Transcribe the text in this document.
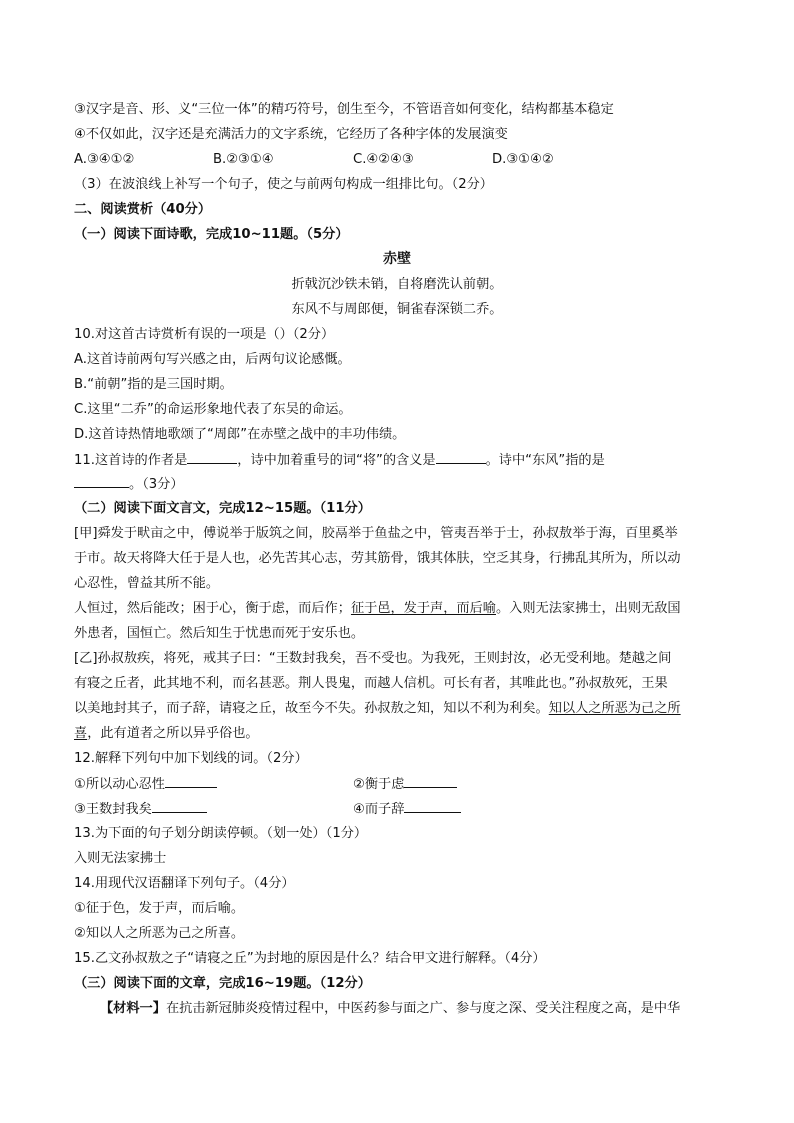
③汉字是音、形、义“三位一体”的精巧符号，创生至今，不管语音如何变化，结构都基本稳定
④不仅如此，汉字还是充满活力的文字系统，它经历了各种字体的发展演变
A.③④①②	B.②③①④	C.④②④③	D.③①④②
（3）在波浪线上补写一个句子，使之与前两句构成一组排比句。（2分）
二、阅读赏析（40分）
（一）阅读下面诗歌，完成10~11题。（5分）
赤壁
折戟沉沙铁未销，自将磨洗认前朝。
东风不与周郎便，铜雀春深锁二乔。
10.对这首古诗赏析有误的一项是（）（2分）
A.这首诗前两句写兴感之由，后两句议论感慨。
B.“前朝”指的是三国时期。
C.这里“二乔”的命运形象地代表了东吴的命运。
D.这首诗热情地歌颂了“周郎”在赤壁之战中的丰功伟绩。
11.这首诗的作者是	，诗中加着重号的词“将”的含义是	。诗中“东风”指的是
。（3分）
（二）阅读下面文言文，完成12~15题。（11分）
[甲]舜发于畎亩之中，傅说举于版筑之间，胶鬲举于鱼盐之中，管夷吾举于士，孙叔敖举于海，百里奚举
于市。故天将降大任于是人也，必先苦其心志，劳其筋骨，饿其体肤，空乏其身，行拂乱其所为，所以动
心忍性，曾益其所不能。
人恒过，然后能改；困于心，衡于虑，而后作；征于邑，发于声，而后喻。入则无法家拂士，出则无敌国
外患者，国恒亡。然后知生于忧患而死于安乐也。
[乙]孙叔敖疾，将死，戒其子曰：“王数封我矣，吾不受也。为我死，王则封汝，必无受利地。楚越之间
有寝之丘者，此其地不利，而名甚恶。荆人畏鬼，而越人信机。可长有者，其唯此也。”孙叔敖死，王果
以美地封其子，而子辞，请寝之丘，故至今不失。孙叔敖之知，知以不利为利矣。知以人之所恶为己之所
喜，此有道者之所以异乎俗也。
12.解释下列句中加下划线的词。（2分）
①所以动心忍性	②衡于虑
③王数封我矣	④而子辞
13.为下面的句子划分朗读停顿。（划一处）（1分）
入则无法家拂士
14.用现代汉语翻译下列句子。（4分）
①征于色，发于声，而后喻。
②知以人之所恶为己之所喜。
15.乙文孙叔敖之子“请寝之丘”为封地的原因是什么？结合甲文进行解释。（4分）
（三）阅读下面的文章，完成16~19题。（12分）
【材料一】在抗击新冠肺炎疫情过程中，中医药参与面之广、参与度之深、受关注程度之高，是中华
